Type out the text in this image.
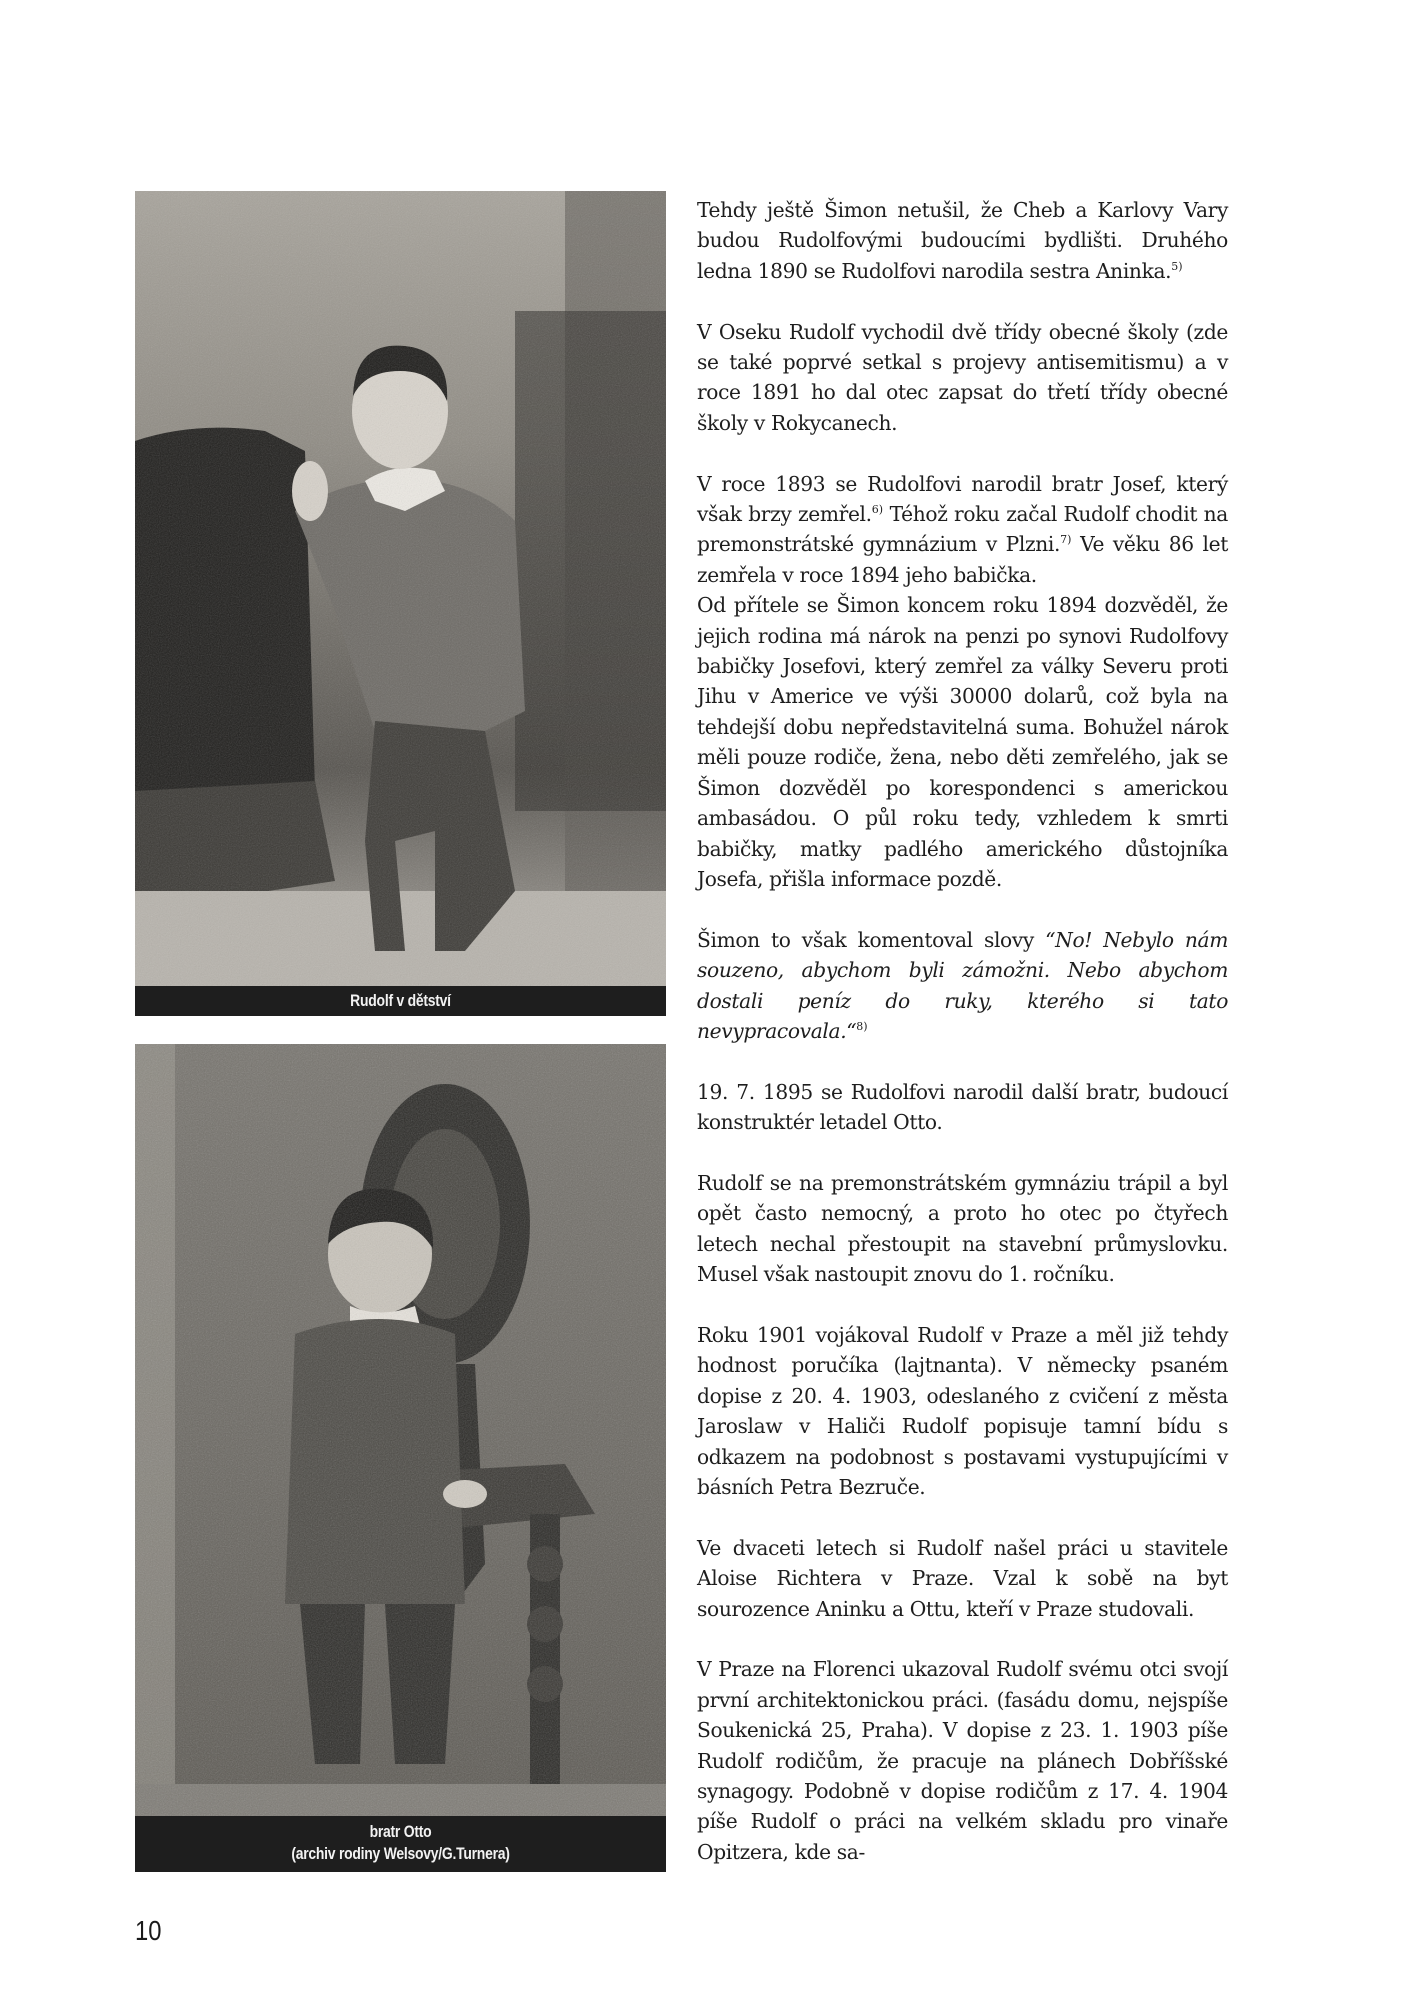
Rudolf v dětství
bratr Otto
(archiv rodiny Welsovy/G.Turnera)

Tehdy ještě Šimon netušil, že Cheb a Karlovy Vary budou Rudolfovými budoucími bydlišti. Druhého ledna 1890 se Rudolfovi narodila sestra Aninka.$^{5)}$

V Oseku Rudolf vychodil dvě třídy obecné školy (zde se také poprvé setkal s projevy antisemitismu) a v roce 1891 ho dal otec zapsat do třetí třídy obecné školy v Rokycanech.

V roce 1893 se Rudolfovi narodil bratr Josef, který však brzy zemřel.$^{6)}$ Téhož roku začal Rudolf chodit na premonstrátské gymnázium v Plzni.$^{7)}$ Ve věku 86 let zemřela v roce 1894 jeho babička.

Od přítele se Šimon koncem roku 1894 dozvěděl, že jejich rodina má nárok na penzi po synovi Rudolfovy babičky Josefovi, který zemřel za války Severu proti Jihu v Americe ve výši 30000 dolarů, což byla na tehdejší dobu nepředstavitelná suma. Bohužel nárok měli pouze rodiče, žena, nebo děti zemřelého, jak se Šimon dozvěděl po korespondenci s americkou ambasádou. O půl roku tedy, vzhledem k smrti babičky, matky padlého amerického důstojníka Josefa, přišla informace pozdě.

Šimon to však komentoval slovy “No! Nebylo nám souzeno, abychom byli zámožni. Nebo abychom dostali peníz do ruky, kterého si tato nevypracovala.“$^{8)}$

19. 7. 1895 se Rudolfovi narodil další bratr, budoucí konstruktér letadel Otto.

Rudolf se na premonstrátském gymnáziu trápil a byl opět často nemocný, a proto ho otec po čtyřech letech nechal přestoupit na stavební průmyslovku. Musel však nastoupit znovu do 1. ročníku.

Roku 1901 vojákoval Rudolf v Praze a měl již tehdy hodnost poručíka (lajtnanta). V německy psaném dopise z 20. 4. 1903, odeslaného z cvičení z města Jaroslaw v Haliči Rudolf popisuje tamní bídu s odkazem na podobnost s postavami vystupujícími v básních Petra Bezruče.

Ve dvaceti letech si Rudolf našel práci u stavitele Aloise Richtera v Praze. Vzal k sobě na byt sourozence Aninku a Ottu, kteří v Praze studovali.

V Praze na Florenci ukazoval Rudolf svému otci svojí první architektonickou práci. (fasádu domu, nejspíše Soukenická 25, Praha). V dopise z 23. 1. 1903 píše Rudolf rodičům, že pracuje na plánech Dobříšské synagogy. Podobně v dopise rodičům z 17. 4. 1904 píše Rudolf o práci na velkém skladu pro vinaře Opitzera, kde sa-

10
